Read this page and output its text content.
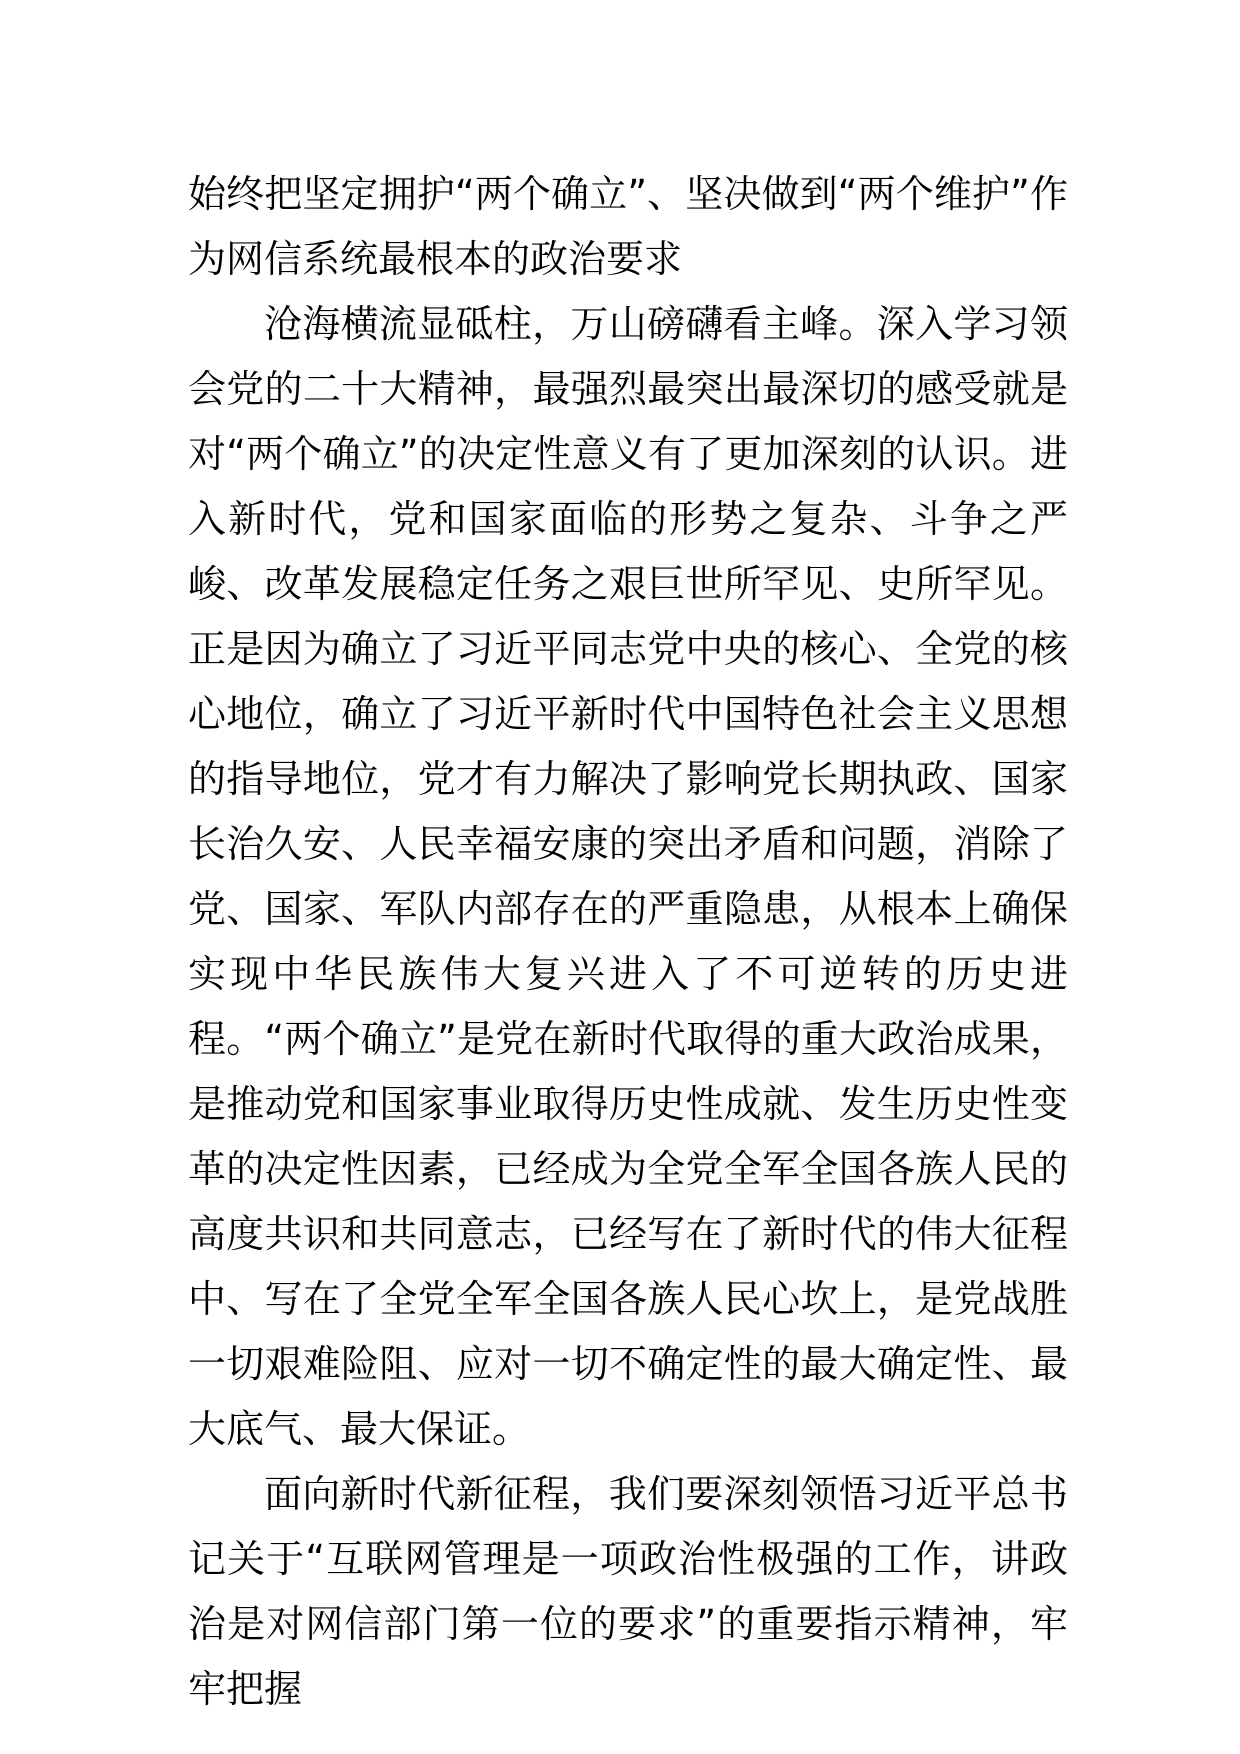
始终把坚定拥护“两个确立”、坚决做到“两个维护”作为网信系统最根本的政治要求

沧海横流显砥柱，万山磅礴看主峰。深入学习领会党的二十大精神，最强烈最突出最深切的感受就是对“两个确立”的决定性意义有了更加深刻的认识。进入新时代，党和国家面临的形势之复杂、斗争之严峻、改革发展稳定任务之艰巨世所罕见、史所罕见。正是因为确立了习近平同志党中央的核心、全党的核心地位，确立了习近平新时代中国特色社会主义思想的指导地位，党才有力解决了影响党长期执政、国家长治久安、人民幸福安康的突出矛盾和问题，消除了党、国家、军队内部存在的严重隐患，从根本上确保实现中华民族伟大复兴进入了不可逆转的历史进程。“两个确立”是党在新时代取得的重大政治成果，是推动党和国家事业取得历史性成就、发生历史性变革的决定性因素，已经成为全党全军全国各族人民的高度共识和共同意志，已经写在了新时代的伟大征程中、写在了全党全军全国各族人民心坎上，是党战胜一切艰难险阻、应对一切不确定性的最大确定性、最大底气、最大保证。

面向新时代新征程，我们要深刻领悟习近平总书记关于“互联网管理是一项政治性极强的工作，讲政治是对网信部门第一位的要求”的重要指示精神，牢牢把握
